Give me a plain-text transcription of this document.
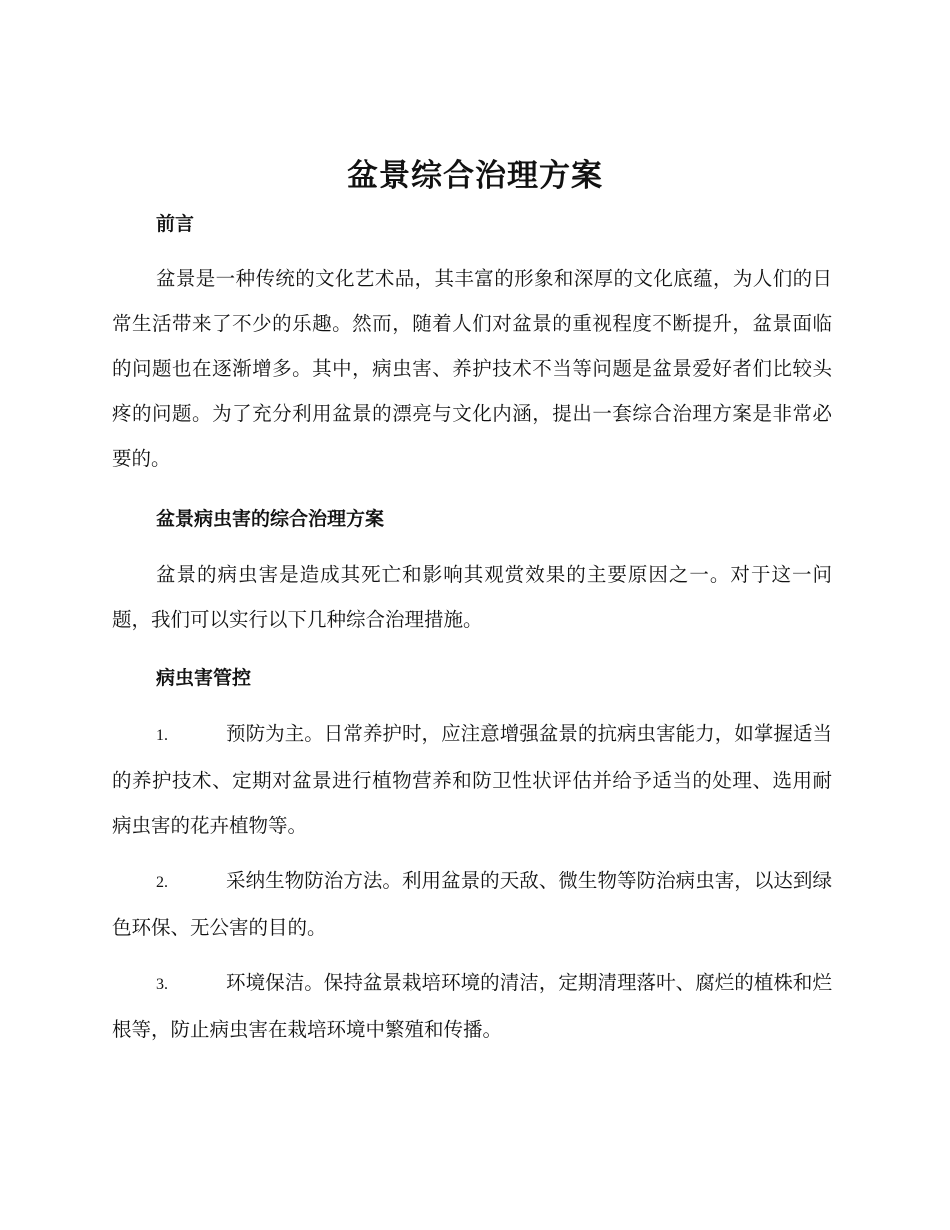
盆景综合治理方案
前言

盆景是一种传统的文化艺术品，其丰富的形象和深厚的文化底蕴，为人们的日常生活带来了不少的乐趣。然而，随着人们对盆景的重视程度不断提升，盆景面临的问题也在逐渐增多。其中，病虫害、养护技术不当等问题是盆景爱好者们比较头疼的问题。为了充分利用盆景的漂亮与文化内涵，提出一套综合治理方案是非常必要的。

盆景病虫害的综合治理方案

盆景的病虫害是造成其死亡和影响其观赏效果的主要原因之一。对于这一问题，我们可以实行以下几种综合治理措施。

病虫害管控

1.	预防为主。日常养护时，应注意增强盆景的抗病虫害能力，如掌握适当的养护技术、定期对盆景进行植物营养和防卫性状评估并给予适当的处理、选用耐病虫害的花卉植物等。

2.	采纳生物防治方法。利用盆景的天敌、微生物等防治病虫害，以达到绿色环保、无公害的目的。

3.	环境保洁。保持盆景栽培环境的清洁，定期清理落叶、腐烂的植株和烂根等，防止病虫害在栽培环境中繁殖和传播。
